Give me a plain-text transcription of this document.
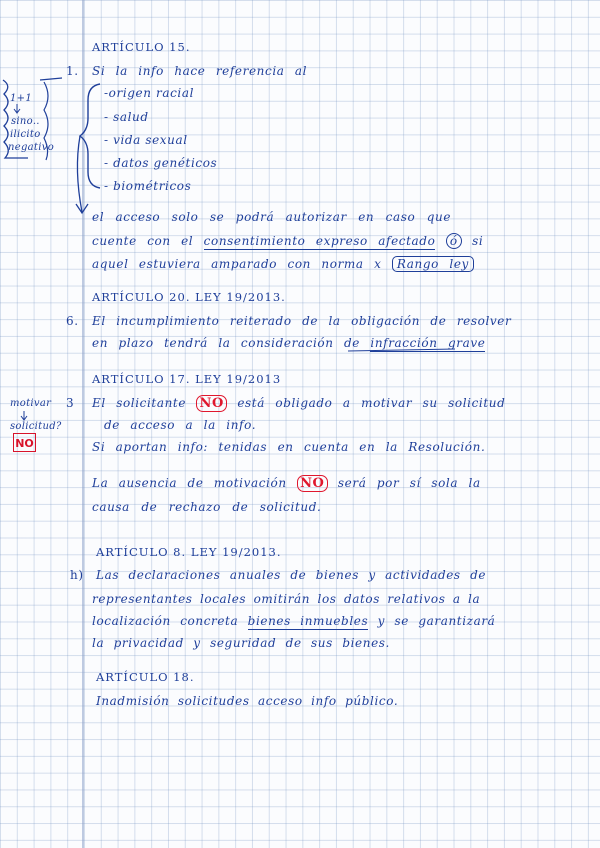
1+1
sino..
ilicito
negativo
motivar
solicitud?
NO
ARTÍCULO 15.
1. Si la info hace referencia al
-origen racial
- salud
- vida sexual
- datos genéticos
- biométricos
el acceso solo se podrá autorizar en caso que
cuente con el consentimiento expreso afectado ó si
aquel estuviera amparado con norma x Rango ley
ARTÍCULO 20. LEY 19/2013.
6. El incumplimiento reiterado de la obligación de resolver
en plazo tendrá la consideración de infracción grave
ARTÍCULO 17. LEY 19/2013
3 El solicitante NO está obligado a motivar su solicitud
de acceso a la info.
Si aportan info: tenidas en cuenta en la Resolución.
La ausencia de motivación NO será por sí sola la
causa de rechazo de solicitud.
ARTÍCULO 8. LEY 19/2013.
h) Las declaraciones anuales de bienes y actividades de
representantes locales omitirán los datos relativos a la
localización concreta bienes inmuebles y se garantizará
la privacidad y seguridad de sus bienes.
ARTÍCULO 18.
Inadmisión solicitudes acceso info público.
